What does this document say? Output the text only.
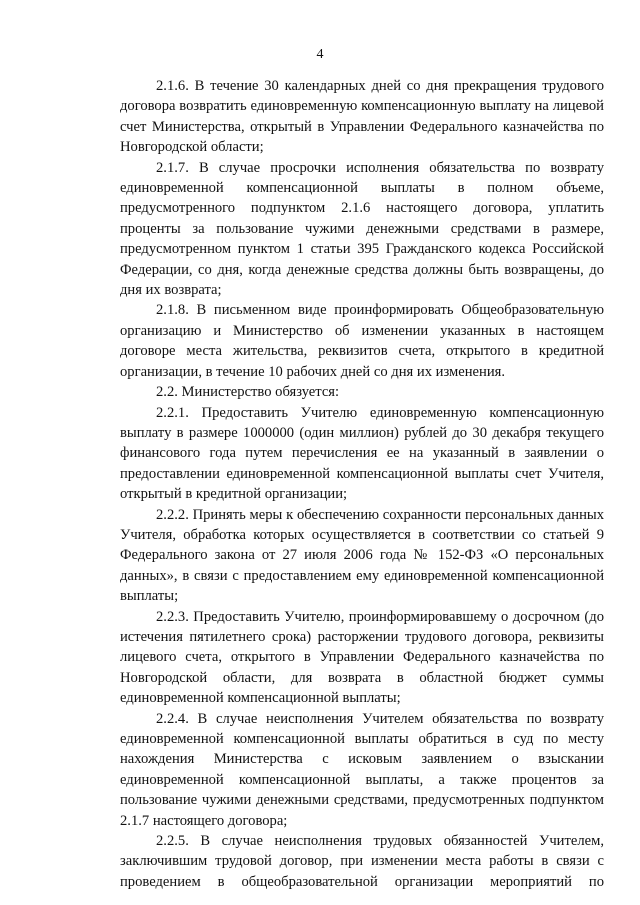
4

2.1.6. В течение 30 календарных дней со дня прекращения трудового договора возвратить единовременную компенсационную выплату на лицевой счет Министерства, открытый в Управлении Федерального казначейства по Новгородской области;

2.1.7. В случае просрочки исполнения обязательства по возврату единовременной компенсационной выплаты в полном объеме, предусмотренного подпунктом 2.1.6 настоящего договора, уплатить проценты за пользование чужими денежными средствами в размере, предусмотренном пунктом 1 статьи 395 Гражданского кодекса Российской Федерации, со дня, когда денежные средства должны быть возвращены, до дня их возврата;

2.1.8. В письменном виде проинформировать Общеобразовательную организацию и Министерство об изменении указанных в настоящем договоре места жительства, реквизитов счета, открытого в кредитной организации, в течение 10 рабочих дней со дня их изменения.

2.2. Министерство обязуется:

2.2.1. Предоставить Учителю единовременную компенсационную выплату в размере 1000000 (один миллион) рублей до 30 декабря текущего финансового года путем перечисления ее на указанный в заявлении о предоставлении единовременной компенсационной выплаты счет Учителя, открытый в кредитной организации;

2.2.2. Принять меры к обеспечению сохранности персональных данных Учителя, обработка которых осуществляется в соответствии со статьей 9 Федерального закона от 27 июля 2006 года № 152-ФЗ «О персональных данных», в связи с предоставлением ему единовременной компенсационной выплаты;

2.2.3. Предоставить Учителю, проинформировавшему о досрочном (до истечения пятилетнего срока) расторжении трудового договора, реквизиты лицевого счета, открытого в Управлении Федерального казначейства по Новгородской области, для возврата в областной бюджет суммы единовременной компенсационной выплаты;

2.2.4. В случае неисполнения Учителем обязательства по возврату единовременной компенсационной выплаты обратиться в суд по месту нахождения Министерства с исковым заявлением о взыскании единовременной компенсационной выплаты, а также процентов за пользование чужими денежными средствами, предусмотренных подпунктом 2.1.7 настоящего договора;

2.2.5. В случае неисполнения трудовых обязанностей Учителем, заключившим трудовой договор, при изменении места работы в связи с проведением в общеобразовательной организации мероприятий по
